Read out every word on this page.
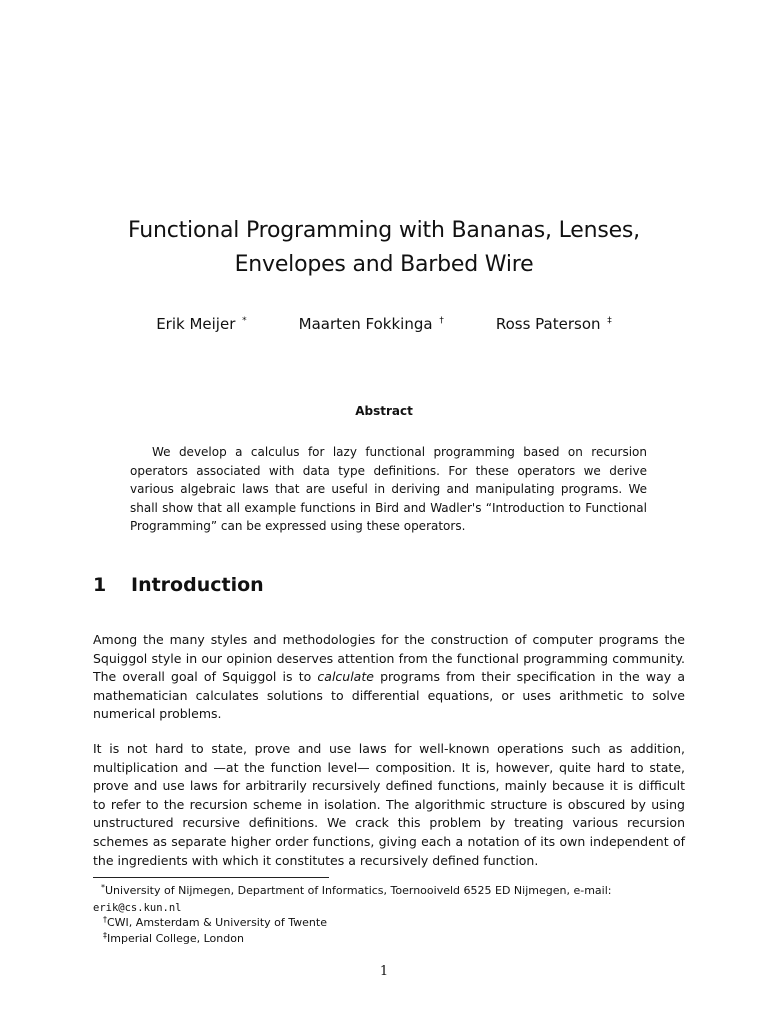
Functional Programming with Bananas, Lenses,
Envelopes and Barbed Wire
Erik Meijer *	Maarten Fokkinga †	Ross Paterson ‡
Abstract
We develop a calculus for lazy functional programming based on recursion operators associated with data type definitions. For these operators we derive various algebraic laws that are useful in deriving and manipulating programs. We shall show that all example functions in Bird and Wadler's “Introduction to Functional Programming” can be expressed using these operators.
1 Introduction
Among the many styles and methodologies for the construction of computer programs the Squiggol style in our opinion deserves attention from the functional programming community. The overall goal of Squiggol is to calculate programs from their specification in the way a mathematician calculates solutions to differential equations, or uses arithmetic to solve numerical problems.
It is not hard to state, prove and use laws for well-known operations such as addition, multiplication and —at the function level— composition. It is, however, quite hard to state, prove and use laws for arbitrarily recursively defined functions, mainly because it is difficult to refer to the recursion scheme in isolation. The algorithmic structure is obscured by using unstructured recursive definitions. We crack this problem by treating various recursion schemes as separate higher order functions, giving each a notation of its own independent of the ingredients with which it constitutes a recursively defined function.
*University of Nijmegen, Department of Informatics, Toernooiveld 6525 ED Nijmegen, e-mail:
erik@cs.kun.nl
†CWI, Amsterdam & University of Twente
‡Imperial College, London
1
